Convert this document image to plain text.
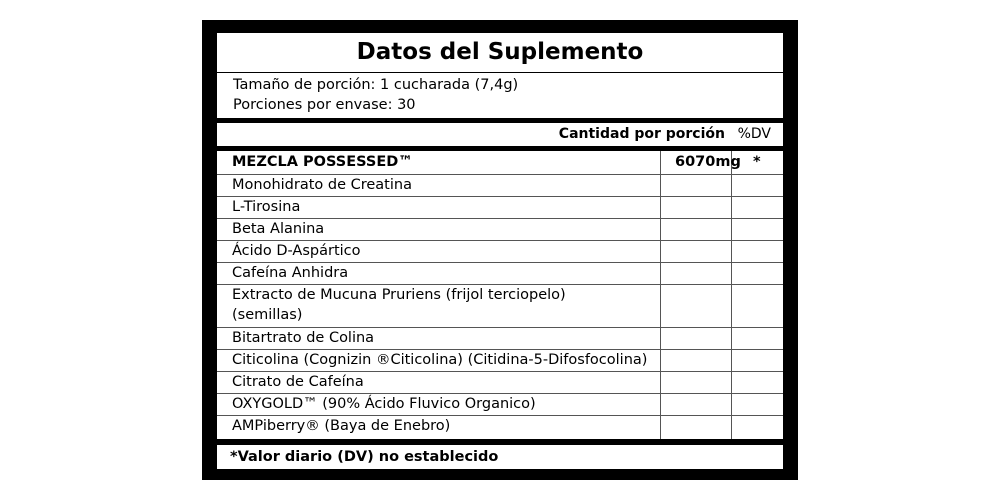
Datos del Suplemento
Tamaño de porción: 1 cucharada (7,4g)
Porciones por envase: 30
Cantidad por porción %DV
MEZCLA POSSESSED™	6070mg *
Monohidrato de Creatina
L-Tirosina
Beta Alanina
Ácido D-Aspártico
Cafeína Anhidra
Extracto de Mucuna Pruriens (frijol terciopelo)
(semillas)
Bitartrato de Colina
Citicolina (Cognizin ®Citicolina) (Citidina-5-Difosfocolina)
Citrato de Cafeína
OXYGOLD™ (90% Ácido Fluvico Organico)
AMPiberry® (Baya de Enebro)
*Valor diario (DV) no establecido
